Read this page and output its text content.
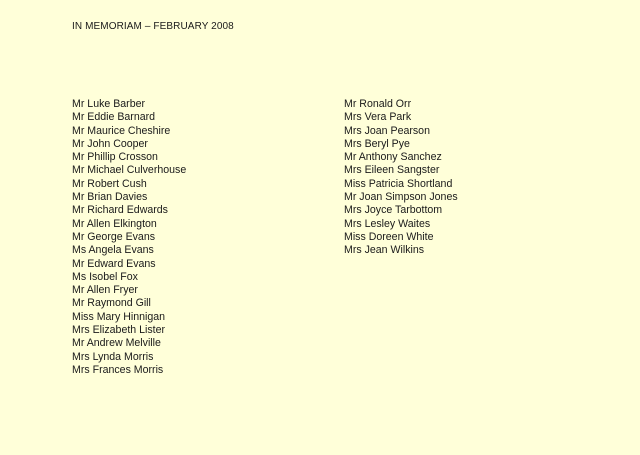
IN MEMORIAM – FEBRUARY 2008
Mr Luke Barber
Mr Eddie Barnard
Mr Maurice Cheshire
Mr John Cooper
Mr Phillip Crosson
Mr Michael Culverhouse
Mr Robert Cush
Mr Brian Davies
Mr Richard Edwards
Mr Allen Elkington
Mr George Evans
Ms Angela Evans
Mr Edward Evans
Ms Isobel Fox
Mr Allen Fryer
Mr Raymond Gill
Miss Mary Hinnigan
Mrs Elizabeth Lister
Mr Andrew Melville
Mrs Lynda Morris
Mrs Frances Morris
Mr Ronald Orr
Mrs Vera Park
Mrs Joan Pearson
Mrs Beryl Pye
Mr Anthony Sanchez
Mrs Eileen Sangster
Miss Patricia Shortland
Mr Joan Simpson Jones
Mrs Joyce Tarbottom
Mrs Lesley Waites
Miss Doreen White
Mrs Jean Wilkins
